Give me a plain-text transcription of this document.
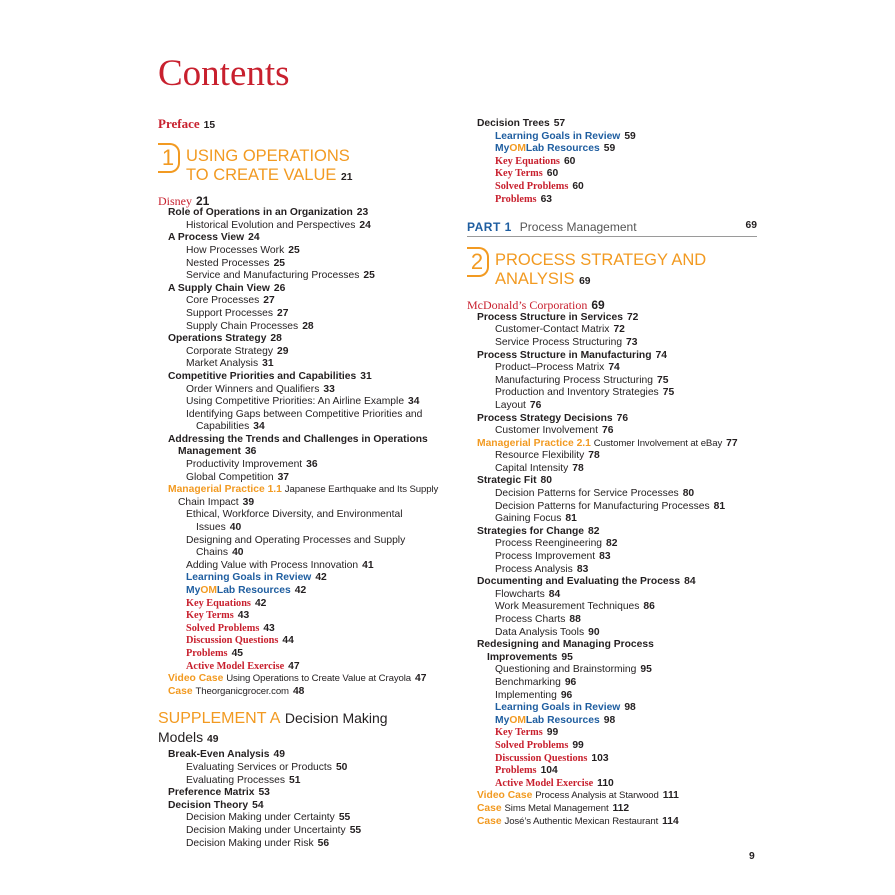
Contents
Preface 15
1 USING OPERATIONS
TO CREATE VALUE 21
Disney 21
Role of Operations in an Organization 23
Historical Evolution and Perspectives 24
A Process View 24
How Processes Work 25
Nested Processes 25
Service and Manufacturing Processes 25
A Supply Chain View 26
Core Processes 27
Support Processes 27
Supply Chain Processes 28
Operations Strategy 28
Corporate Strategy 29
Market Analysis 31
Competitive Priorities and Capabilities 31
Order Winners and Qualifiers 33
Using Competitive Priorities: An Airline Example 34
Identifying Gaps between Competitive Priorities and
Capabilities 34
Addressing the Trends and Challenges in Operations
Management 36
Productivity Improvement 36
Global Competition 37
Managerial Practice 1.1 Japanese Earthquake and Its Supply
Chain Impact 39
Ethical, Workforce Diversity, and Environmental
Issues 40
Designing and Operating Processes and Supply
Chains 40
Adding Value with Process Innovation 41
Learning Goals in Review 42
MyOMLab Resources 42
Key Equations 42
Key Terms 43
Solved Problems 43
Discussion Questions 44
Problems 45
Active Model Exercise 47
Video Case Using Operations to Create Value at Crayola 47
Case Theorganicgrocer.com 48
SUPPLEMENT A Decision Making
Models 49
Break-Even Analysis 49
Evaluating Services or Products 50
Evaluating Processes 51
Preference Matrix 53
Decision Theory 54
Decision Making under Certainty 55
Decision Making under Uncertainty 55
Decision Making under Risk 56
Decision Trees 57
Learning Goals in Review 59
MyOMLab Resources 59
Key Equations 60
Key Terms 60
Solved Problems 60
Problems 63
PART 1 Process Management	69
2 PROCESS STRATEGY AND
ANALYSIS 69
McDonald’s Corporation 69
Process Structure in Services 72
Customer-Contact Matrix 72
Service Process Structuring 73
Process Structure in Manufacturing 74
Product–Process Matrix 74
Manufacturing Process Structuring 75
Production and Inventory Strategies 75
Layout 76
Process Strategy Decisions 76
Customer Involvement 76
Managerial Practice 2.1 Customer Involvement at eBay 77
Resource Flexibility 78
Capital Intensity 78
Strategic Fit 80
Decision Patterns for Service Processes 80
Decision Patterns for Manufacturing Processes 81
Gaining Focus 81
Strategies for Change 82
Process Reengineering 82
Process Improvement 83
Process Analysis 83
Documenting and Evaluating the Process 84
Flowcharts 84
Work Measurement Techniques 86
Process Charts 88
Data Analysis Tools 90
Redesigning and Managing Process
Improvements 95
Questioning and Brainstorming 95
Benchmarking 96
Implementing 96
Learning Goals in Review 98
MyOMLab Resources 98
Key Terms 99
Solved Problems 99
Discussion Questions 103
Problems 104
Active Model Exercise 110
Video Case Process Analysis at Starwood 111
Case Sims Metal Management 112
Case José’s Authentic Mexican Restaurant 114
9
